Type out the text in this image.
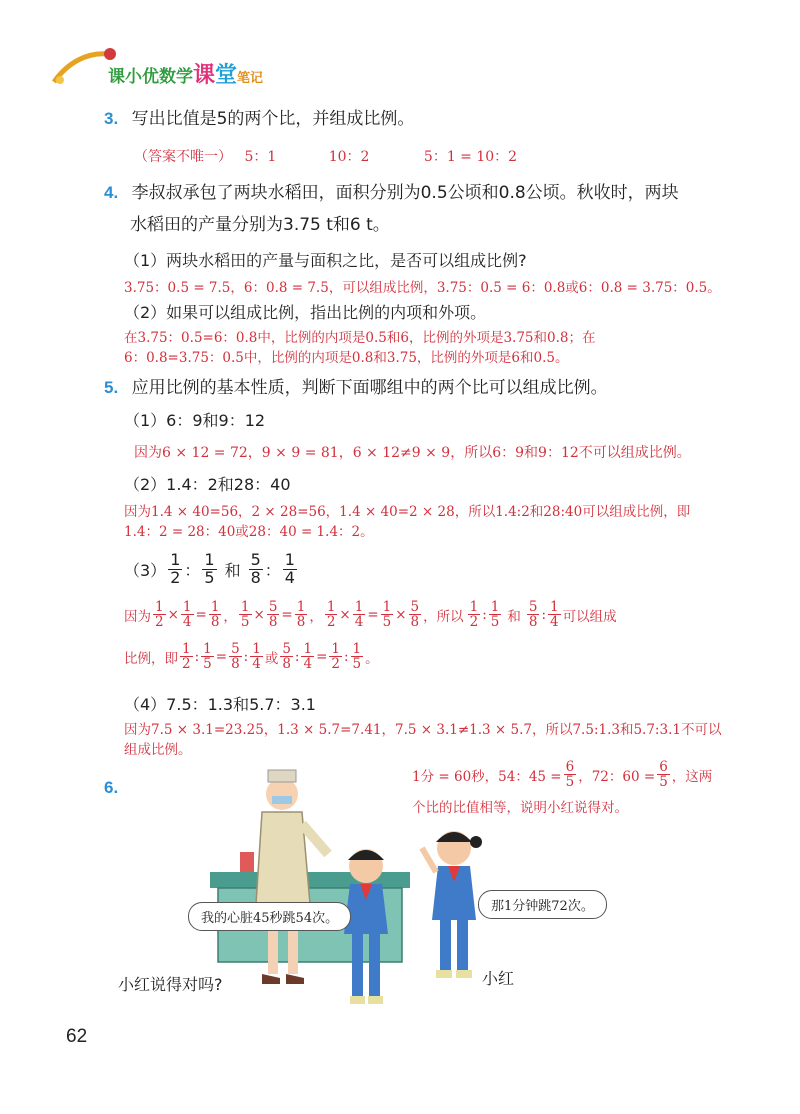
课小优数学课堂笔记
3. 写出比值是5的两个比，并组成比例。
（答案不唯一） 5：1	10：2	5：1 = 10：2
4. 李叔叔承包了两块水稻田，面积分别为0.5公顷和0.8公顷。秋收时，两块
水稻田的产量分别为3.75 t和6 t。
（1）两块水稻田的产量与面积之比，是否可以组成比例?
3.75：0.5 = 7.5，6：0.8 = 7.5，可以组成比例，3.75：0.5 = 6：0.8或6：0.8 = 3.75：0.5。
（2）如果可以组成比例，指出比例的内项和外项。
在3.75：0.5=6：0.8中，比例的内项是0.5和6，比例的外项是3.75和0.8；在
6：0.8=3.75：0.5中，比例的内项是0.8和3.75，比例的外项是6和0.5。
5. 应用比例的基本性质，判断下面哪组中的两个比可以组成比例。
（1）6：9和9：12
因为6 × 12 = 72，9 × 9 = 81，6 × 12≠9 × 9，所以6：9和9：12不可以组成比例。
（2）1.4：2和28：40
因为1.4 × 40=56，2 × 28=56，1.4 × 40=2 × 28，所以1.4:2和28:40可以组成比例，即
1.4：2 = 28：40或28：40 = 1.4：2。
$(3) \frac{1}{2}$ ： $\frac{1}{5}$ 和 $\frac{5}{8}$ ： $\frac{1}{4}$
因为 $\frac{1}{2} \times \frac{1}{4} = \frac{1}{8}$ ， $\frac{1}{5} \times \frac{5}{8} = \frac{1}{8}$ ， $\frac{1}{2} \times \frac{1}{4} = \frac{1}{5} \times \frac{5}{8}$ ，所以 $\frac{1}{2}$ : $\frac{1}{5}$ 和 $\frac{5}{8}$ : $\frac{1}{4}$ 可以组成
比例，即 $\frac{1}{2}$ : $\frac{1}{5} = \frac{5}{8}$ : $\frac{1}{4}$ 或 $\frac{5}{8}$ : $\frac{1}{4} = \frac{1}{2}$ : $\frac{1}{5}$ 。
（4）7.5：1.3和5.7：3.1
因为7.5 × 3.1=23.25，1.3 × 5.7=7.41，7.5 × 3.1≠1.3 × 5.7，所以7.5:1.3和5.7:3.1不可以
组成比例。
6.
1分 = 60秒，54：$45 = \frac{6}{5}$ ，72：$60 = \frac{6}{5}$ ，这两
个比的比值相等，说明小红说得对。
我的心脏45秒跳54次。
那1分钟跳72次。
小红说得对吗?	小红
62
